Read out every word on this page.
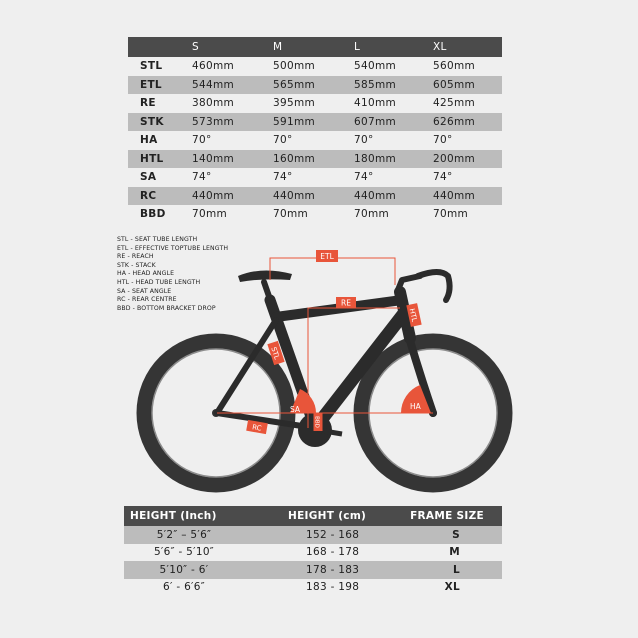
	S	M	L	XL
STL	460mm	500mm	540mm	560mm
ETL	544mm	565mm	585mm	605mm
RE	380mm	395mm	410mm	425mm
STK	573mm	591mm	607mm	626mm
HA	70°	70°	70°	70°
HTL	140mm	160mm	180mm	200mm
SA	74°	74°	74°	74°
RC	440mm	440mm	440mm	440mm
BBD	70mm	70mm	70mm	70mm
STL - SEAT TUBE LENGTH
ETL - EFFECTIVE TOPTUBE LENGTH
RE - REACH
STK - STACK
HA - HEAD ANGLE
HTL - HEAD TUBE LENGTH
SA - SEAT ANGLE
RC - REAR CENTRE
BBD - BOTTOM BRACKET DROP
ETL
RE
HTL
STL
SA	HA
RC
BBD
HEIGHT (Inch)	HEIGHT (cm)	FRAME SIZE
5′2″ – 5′6″	152 - 168	S
5′6″ - 5′10″	168 - 178	M
5′10″ - 6′	178 - 183	L
6′ - 6′6″	183 - 198	XL
